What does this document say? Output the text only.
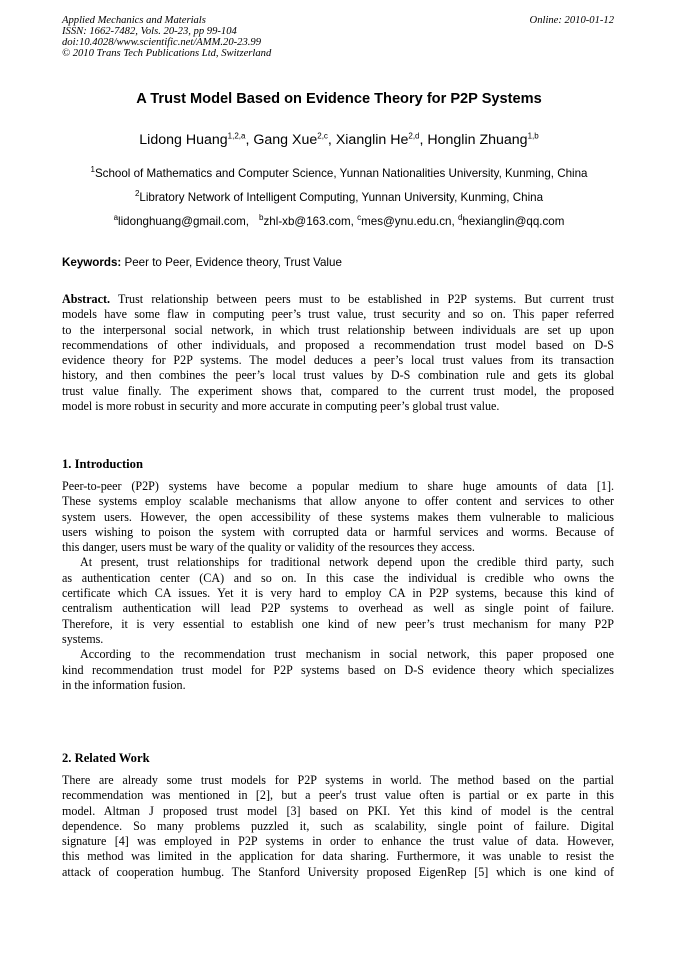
Applied Mechanics and Materials
ISSN: 1662-7482, Vols. 20-23, pp 99-104
doi:10.4028/www.scientific.net/AMM.20-23.99
© 2010 Trans Tech Publications Ltd, Switzerland
Online: 2010-01-12
A Trust Model Based on Evidence Theory for P2P Systems
Lidong Huang$^{1,2,a}$, Gang Xue$^{2,c}$, Xianglin He$^{2,d}$, Honglin Zhuang$^{1,b}$
$^1$School of Mathematics and Computer Science, Yunnan Nationalities University, Kunming, China
$^2$Libratory Network of Intelligent Computing, Yunnan University, Kunming, China
$^a$lidonghuang@gmail.com, $^b$zhl-xb@163.com, $^c$mes@ynu.edu.cn, $^d$hexianglin@qq.com
Keywords: Peer to Peer, Evidence theory, Trust Value
Abstract. Trust relationship between peers must to be established in P2P systems. But current trust
models have some flaw in computing peer’s trust value, trust security and so on. This paper referred
to the interpersonal social network, in which trust relationship between individuals are set up upon
recommendations of other individuals, and proposed a recommendation trust model based on D-S
evidence theory for P2P systems. The model deduces a peer’s local trust values from its transaction
history, and then combines the peer’s local trust values by D-S combination rule and gets its global
trust value finally. The experiment shows that, compared to the current trust model, the proposed
model is more robust in security and more accurate in computing peer’s global trust value.
1. Introduction
Peer-to-peer (P2P) systems have become a popular medium to share huge amounts of data [1].
These systems employ scalable mechanisms that allow anyone to offer content and services to other
system users. However, the open accessibility of these systems makes them vulnerable to malicious
users wishing to poison the system with corrupted data or harmful services and worms. Because of
this danger, users must be wary of the quality or validity of the resources they access.
At present, trust relationships for traditional network depend upon the credible third party, such
as authentication center (CA) and so on. In this case the individual is credible who owns the
certificate which CA issues. Yet it is very hard to employ CA in P2P systems, because this kind of
centralism authentication will lead P2P systems to overhead as well as single point of failure.
Therefore, it is very essential to establish one kind of new peer’s trust mechanism for many P2P
systems.
According to the recommendation trust mechanism in social network, this paper proposed one
kind recommendation trust model for P2P systems based on D-S evidence theory which specializes
in the information fusion.
2. Related Work
There are already some trust models for P2P systems in world. The method based on the partial
recommendation was mentioned in [2], but a peer's trust value often is partial or ex parte in this
model. Altman J proposed trust model [3] based on PKI. Yet this kind of model is the central
dependence. So many problems puzzled it, such as scalability, single point of failure. Digital
signature [4] was employed in P2P systems in order to enhance the trust value of data. However,
this method was limited in the application for data sharing. Furthermore, it was unable to resist the
attack of cooperation humbug. The Stanford University proposed EigenRep [5] which is one kind of
